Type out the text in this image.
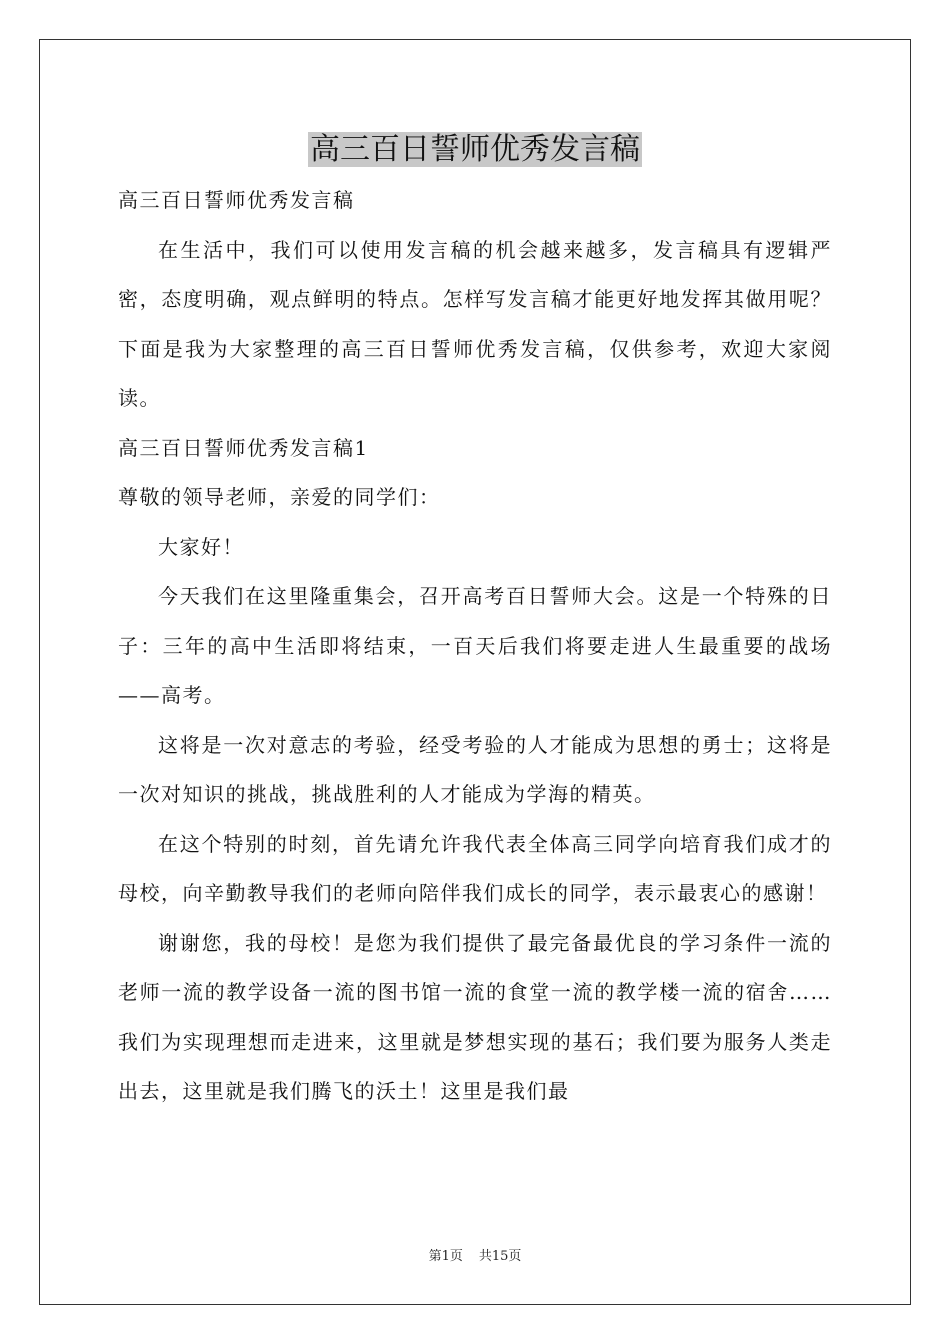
高三百日誓师优秀发言稿

高三百日誓师优秀发言稿

在生活中，我们可以使用发言稿的机会越来越多，发言稿具有逻辑严密，态度明确，观点鲜明的特点。怎样写发言稿才能更好地发挥其做用呢？下面是我为大家整理的高三百日誓师优秀发言稿，仅供参考，欢迎大家阅读。

高三百日誓师优秀发言稿1

尊敬的领导老师，亲爱的同学们：

大家好！

今天我们在这里隆重集会，召开高考百日誓师大会。这是一个特殊的日子：三年的高中生活即将结束，一百天后我们将要走进人生最重要的战场——高考。

这将是一次对意志的考验，经受考验的人才能成为思想的勇士；这将是一次对知识的挑战，挑战胜利的人才能成为学海的精英。

在这个特别的时刻，首先请允许我代表全体高三同学向培育我们成才的母校，向辛勤教导我们的老师向陪伴我们成长的同学，表示最衷心的感谢！

谢谢您，我的母校！是您为我们提供了最完备最优良的学习条件一流的老师一流的教学设备一流的图书馆一流的食堂一流的教学楼一流的宿舍……我们为实现理想而走进来，这里就是梦想实现的基石；我们要为服务人类走出去，这里就是我们腾飞的沃土！这里是我们最

第1页 共15页
